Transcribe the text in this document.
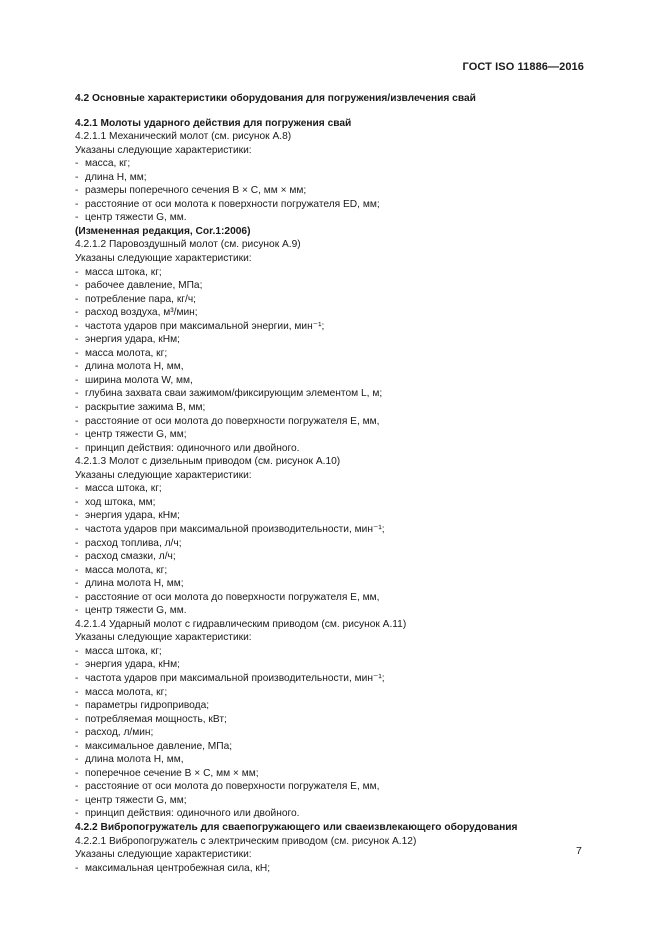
ГОСТ ISO 11886—2016
4.2 Основные характеристики оборудования для погружения/извлечения свай
4.2.1 Молоты ударного действия для погружения свай
4.2.1.1 Механический молот (см. рисунок А.8)
Указаны следующие характеристики:
- масса, кг;
- длина H, мм;
- размеры поперечного сечения B × C, мм × мм;
- расстояние от оси молота к поверхности погружателя ED, мм;
- центр тяжести G, мм.
(Измененная редакция, Cor.1:2006)
4.2.1.2 Паровоздушный молот (см. рисунок А.9)
Указаны следующие характеристики:
- масса штока, кг;
- рабочее давление, МПа;
- потребление пара, кг/ч;
- расход воздуха, м³/мин;
- частота ударов при максимальной энергии, мин⁻¹;
- энергия удара, кНм;
- масса молота, кг;
- длина молота H, мм,
- ширина молота W, мм,
- глубина захвата сваи зажимом/фиксирующим элементом L, м;
- раскрытие зажима B, мм;
- расстояние от оси молота до поверхности погружателя E, мм,
- центр тяжести G, мм;
- принцип действия: одиночного или двойного.
4.2.1.3 Молот с дизельным приводом (см. рисунок А.10)
Указаны следующие характеристики:
- масса штока, кг;
- ход штока, мм;
- энергия удара, кНм;
- частота ударов при максимальной производительности, мин⁻¹;
- расход топлива, л/ч;
- расход смазки, л/ч;
- масса молота, кг;
- длина молота H, мм;
- расстояние от оси молота до поверхности погружателя E, мм,
- центр тяжести G, мм.
4.2.1.4 Ударный молот с гидравлическим приводом (см. рисунок А.11)
Указаны следующие характеристики:
- масса штока, кг;
- энергия удара, кНм;
- частота ударов при максимальной производительности, мин⁻¹;
- масса молота, кг;
- параметры гидропривода;
- потребляемая мощность, кВт;
- расход, л/мин;
- максимальное давление, МПа;
- длина молота H, мм,
- поперечное сечение B × C, мм × мм;
- расстояние от оси молота до поверхности погружателя E, мм,
- центр тяжести G, мм;
- принцип действия: одиночного или двойного.
4.2.2 Вибропогружатель для сваепогружающего или сваеизвлекающего оборудования
4.2.2.1 Вибропогружатель с электрическим приводом (см. рисунок А.12)
Указаны следующие характеристики:
- максимальная центробежная сила, кН;
7
